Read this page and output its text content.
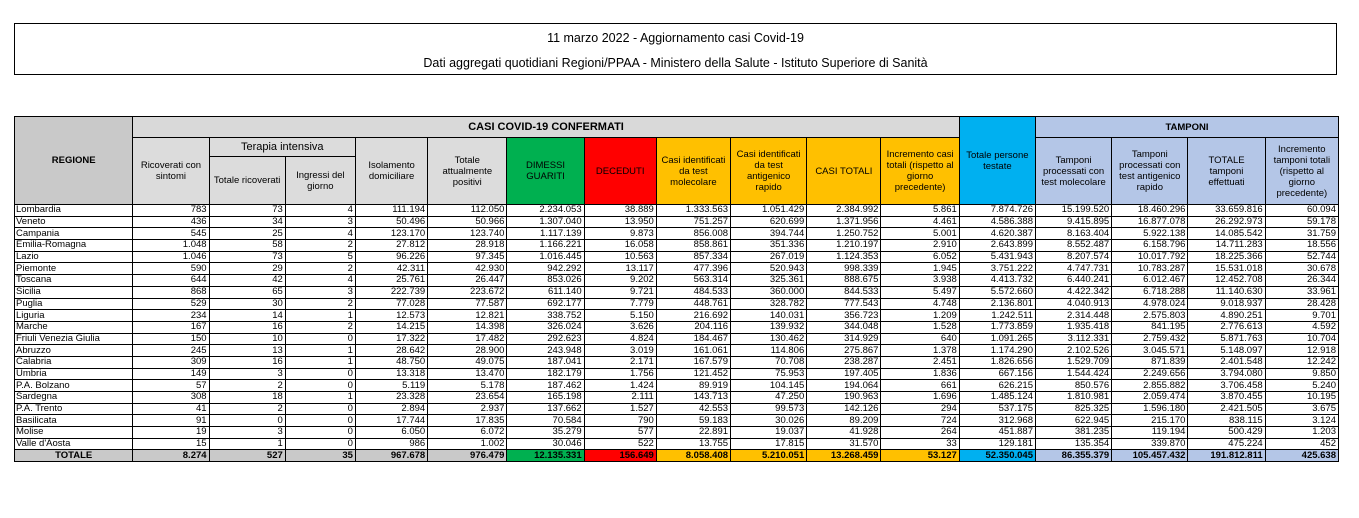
11 marzo 2022 - Aggiornamento casi Covid-19
Dati aggregati quotidiani Regioni/PPAA - Ministero della Salute - Istituto Superiore di Sanità
REGIONE	CASI COVID-19 CONFERMATI											Totale persone testate	TAMPONI			
	Ricoverati con sintomi	Terapia intensiva		Isolamento domiciliare	Totale attualmente positivi	DIMESSI GUARITI	DECEDUTI	Casi identificati da test molecolare	Casi identificati da test antigenico rapido	CASI TOTALI	Incremento casi totali (rispetto al giorno precedente)		Tamponi processati con test molecolare	Tamponi processati con test antigenico rapido	TOTALE tamponi effettuati	Incremento tamponi totali (rispetto al giorno precedente)
		Totale ricoverati	Ingressi del giorno													
Lombardia	783	73	4	111.194	112.050	2.234.053	38.889	1.333.563	1.051.429	2.384.992	5.861	7.874.726	15.199.520	18.460.296	33.659.816	60.094
Veneto	436	34	3	50.496	50.966	1.307.040	13.950	751.257	620.699	1.371.956	4.461	4.586.388	9.415.895	16.877.078	26.292.973	59.178
Campania	545	25	4	123.170	123.740	1.117.139	9.873	856.008	394.744	1.250.752	5.001	4.620.387	8.163.404	5.922.138	14.085.542	31.759
Emilia-Romagna	1.048	58	2	27.812	28.918	1.166.221	16.058	858.861	351.336	1.210.197	2.910	2.643.899	8.552.487	6.158.796	14.711.283	18.556
Lazio	1.046	73	5	96.226	97.345	1.016.445	10.563	857.334	267.019	1.124.353	6.052	5.431.943	8.207.574	10.017.792	18.225.366	52.744
Piemonte	590	29	2	42.311	42.930	942.292	13.117	477.396	520.943	998.339	1.945	3.751.222	4.747.731	10.783.287	15.531.018	30.678
Toscana	644	42	4	25.761	26.447	853.026	9.202	563.314	325.361	888.675	3.938	4.413.732	6.440.241	6.012.467	12.452.708	26.344
Sicilia	868	65	3	222.739	223.672	611.140	9.721	484.533	360.000	844.533	5.497	5.572.660	4.422.342	6.718.288	11.140.630	33.961
Puglia	529	30	2	77.028	77.587	692.177	7.779	448.761	328.782	777.543	4.748	2.136.801	4.040.913	4.978.024	9.018.937	28.428
Liguria	234	14	1	12.573	12.821	338.752	5.150	216.692	140.031	356.723	1.209	1.242.511	2.314.448	2.575.803	4.890.251	9.701
Marche	167	16	2	14.215	14.398	326.024	3.626	204.116	139.932	344.048	1.528	1.773.859	1.935.418	841.195	2.776.613	4.592
Friuli Venezia Giulia	150	10	0	17.322	17.482	292.623	4.824	184.467	130.462	314.929	640	1.091.265	3.112.331	2.759.432	5.871.763	10.704
Abruzzo	245	13	1	28.642	28.900	243.948	3.019	161.061	114.806	275.867	1.378	1.174.290	2.102.526	3.045.571	5.148.097	12.918
Calabria	309	16	1	48.750	49.075	187.041	2.171	167.579	70.708	238.287	2.451	1.826.656	1.529.709	871.839	2.401.548	12.242
Umbria	149	3	0	13.318	13.470	182.179	1.756	121.452	75.953	197.405	1.836	667.156	1.544.424	2.249.656	3.794.080	9.850
P.A. Bolzano	57	2	0	5.119	5.178	187.462	1.424	89.919	104.145	194.064	661	626.215	850.576	2.855.882	3.706.458	5.240
Sardegna	308	18	1	23.328	23.654	165.198	2.111	143.713	47.250	190.963	1.696	1.485.124	1.810.981	2.059.474	3.870.455	10.195
P.A. Trento	41	2	0	2.894	2.937	137.662	1.527	42.553	99.573	142.126	294	537.175	825.325	1.596.180	2.421.505	3.675
Basilicata	91	0	0	17.744	17.835	70.584	790	59.183	30.026	89.209	724	312.968	622.945	215.170	838.115	3.124
Molise	19	3	0	6.050	6.072	35.279	577	22.891	19.037	41.928	264	451.887	381.235	119.194	500.429	1.203
Valle d'Aosta	15	1	0	986	1.002	30.046	522	13.755	17.815	31.570	33	129.181	135.354	339.870	475.224	452
TOTALE	8.274	527	35	967.678	976.479	12.135.331	156.649	8.058.408	5.210.051	13.268.459	53.127	52.350.045	86.355.379	105.457.432	191.812.811	425.638
